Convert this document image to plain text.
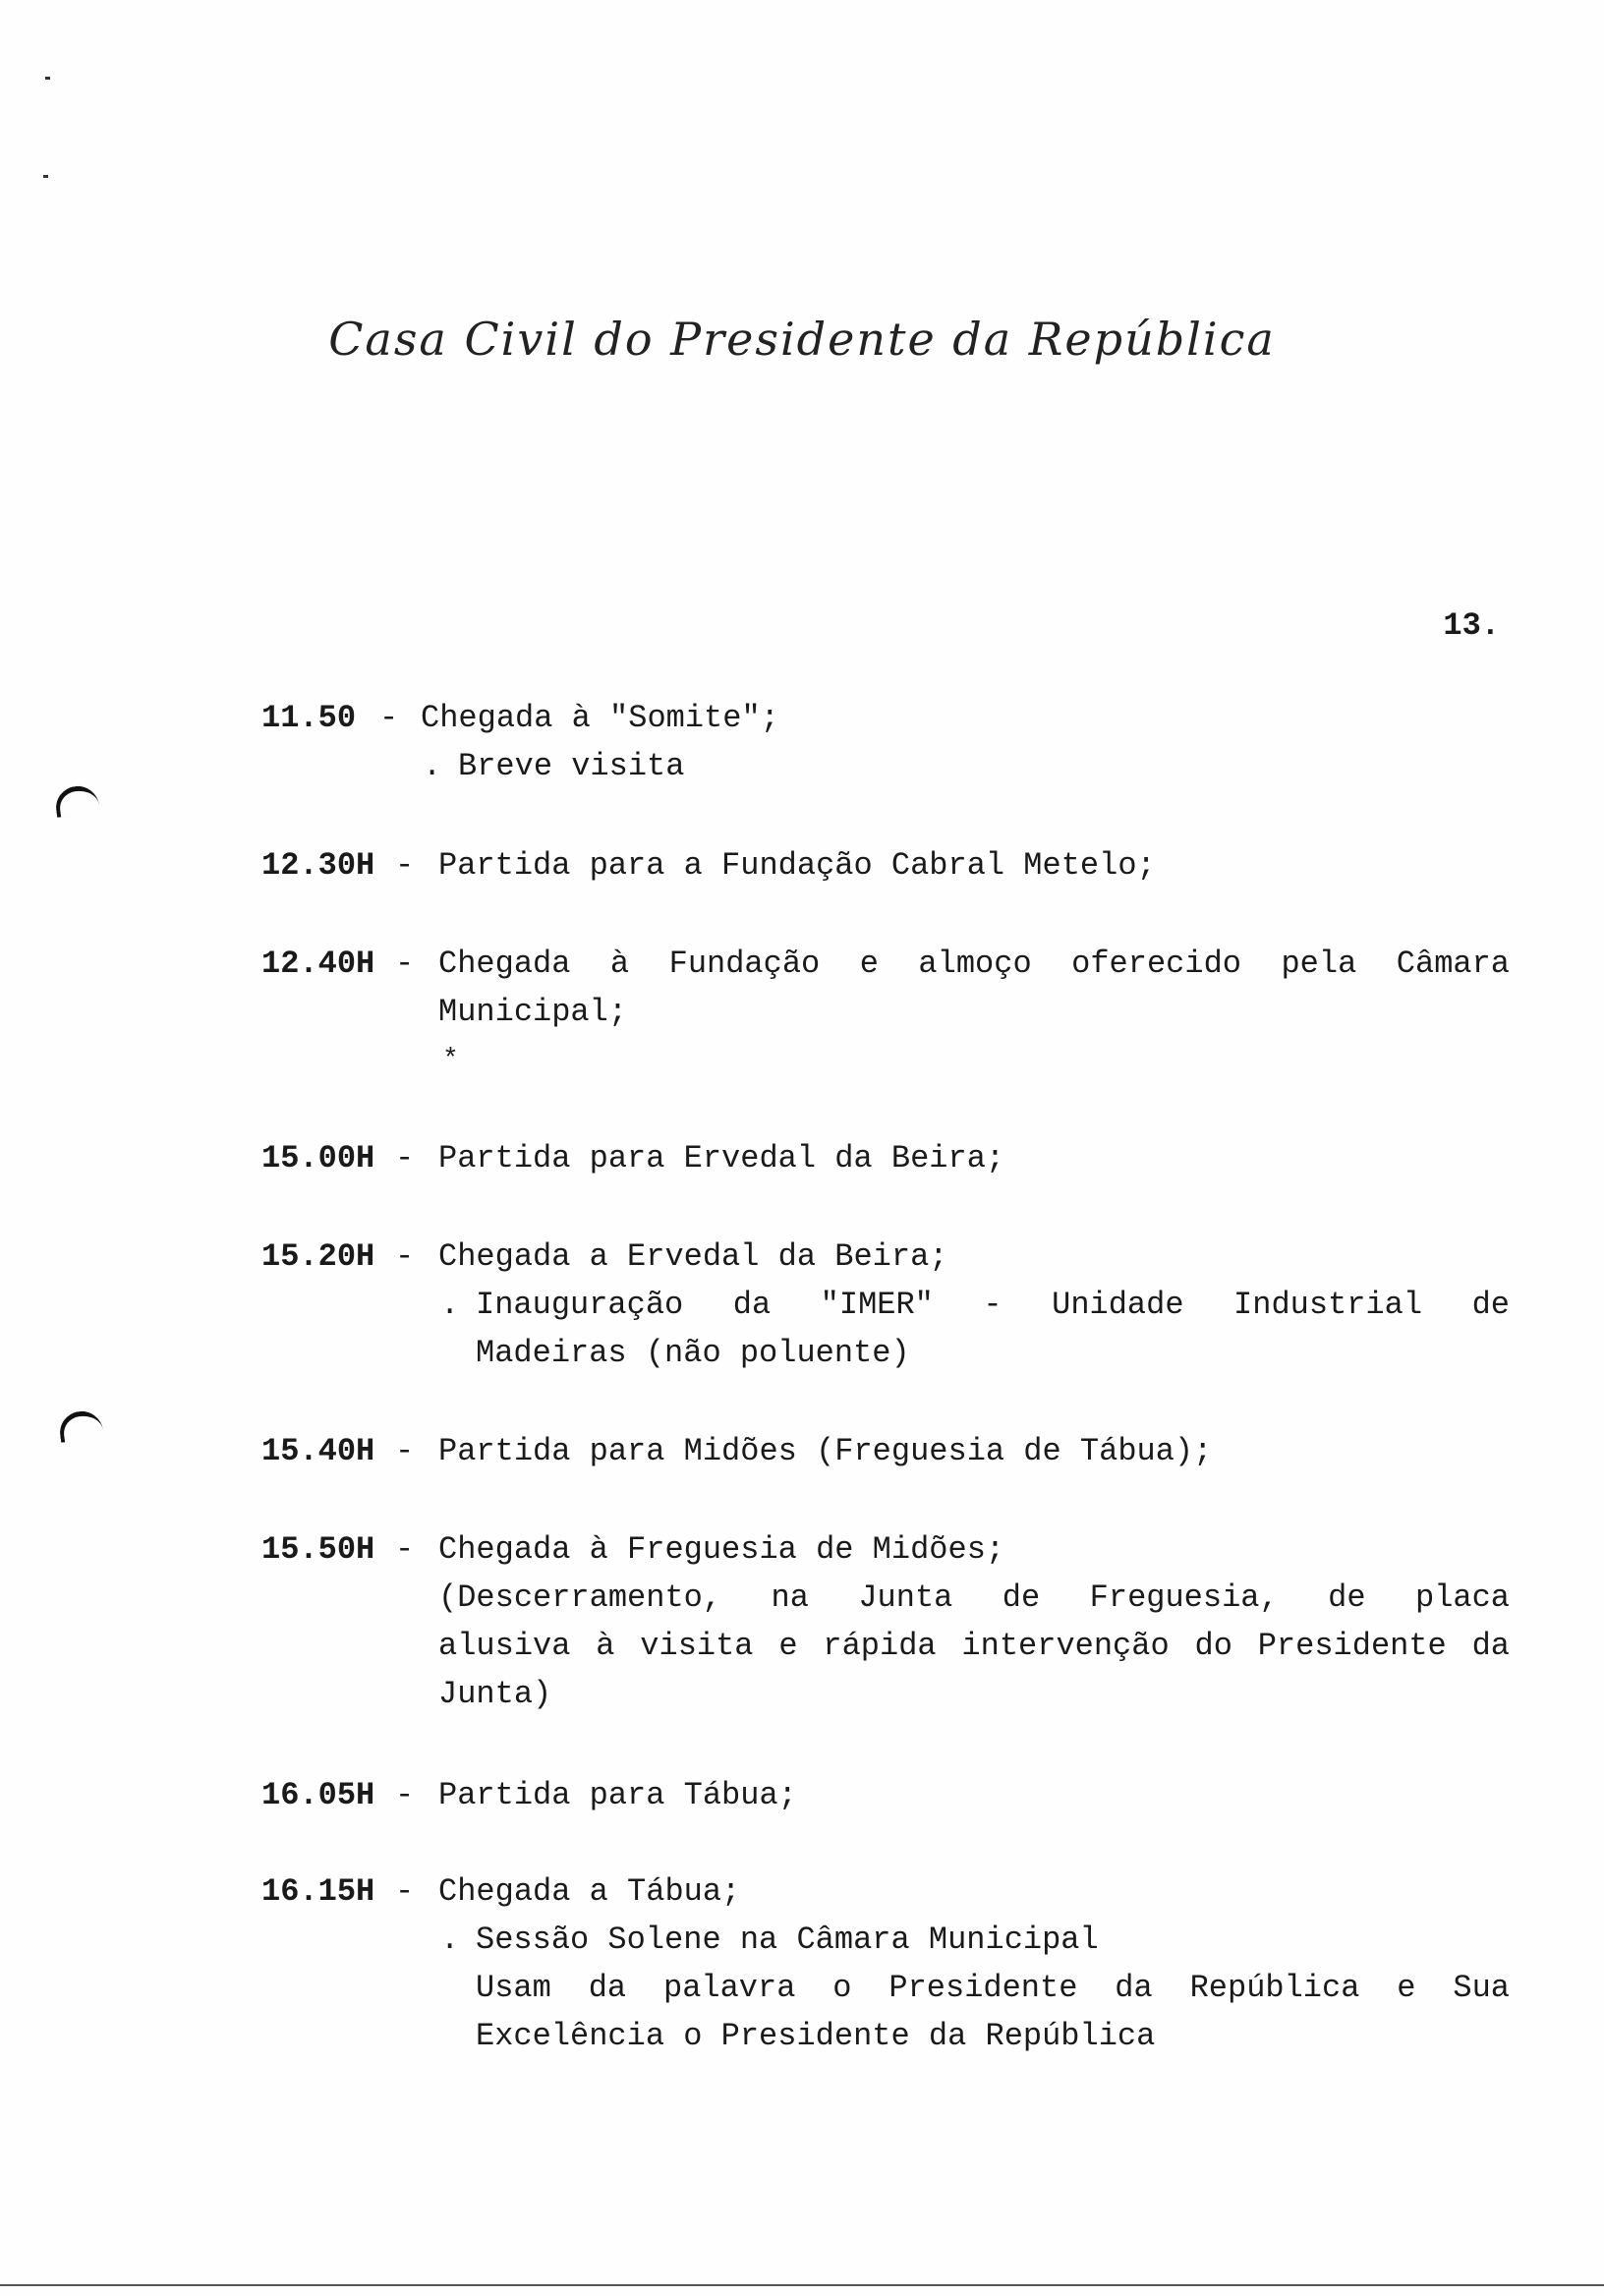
Casa Civil do Presidente da República
13.
11.50 - Chegada à "Somite";
. Breve visita
12.30H - Partida para a Fundação Cabral Metelo;
12.40H - Chegada à Fundação e almoço oferecido pela Câmara
Municipal;
*
15.00H - Partida para Ervedal da Beira;
15.20H - Chegada a Ervedal da Beira;
. Inauguração da "IMER" - Unidade Industrial de
Madeiras (não poluente)
15.40H - Partida para Midões (Freguesia de Tábua);
15.50H - Chegada à Freguesia de Midões;
(Descerramento, na Junta de Freguesia, de placa
alusiva à visita e rápida intervenção do Presidente da
Junta)
16.05H - Partida para Tábua;
16.15H - Chegada a Tábua;
. Sessão Solene na Câmara Municipal
Usam da palavra o Presidente da República e Sua
Excelência o Presidente da República
